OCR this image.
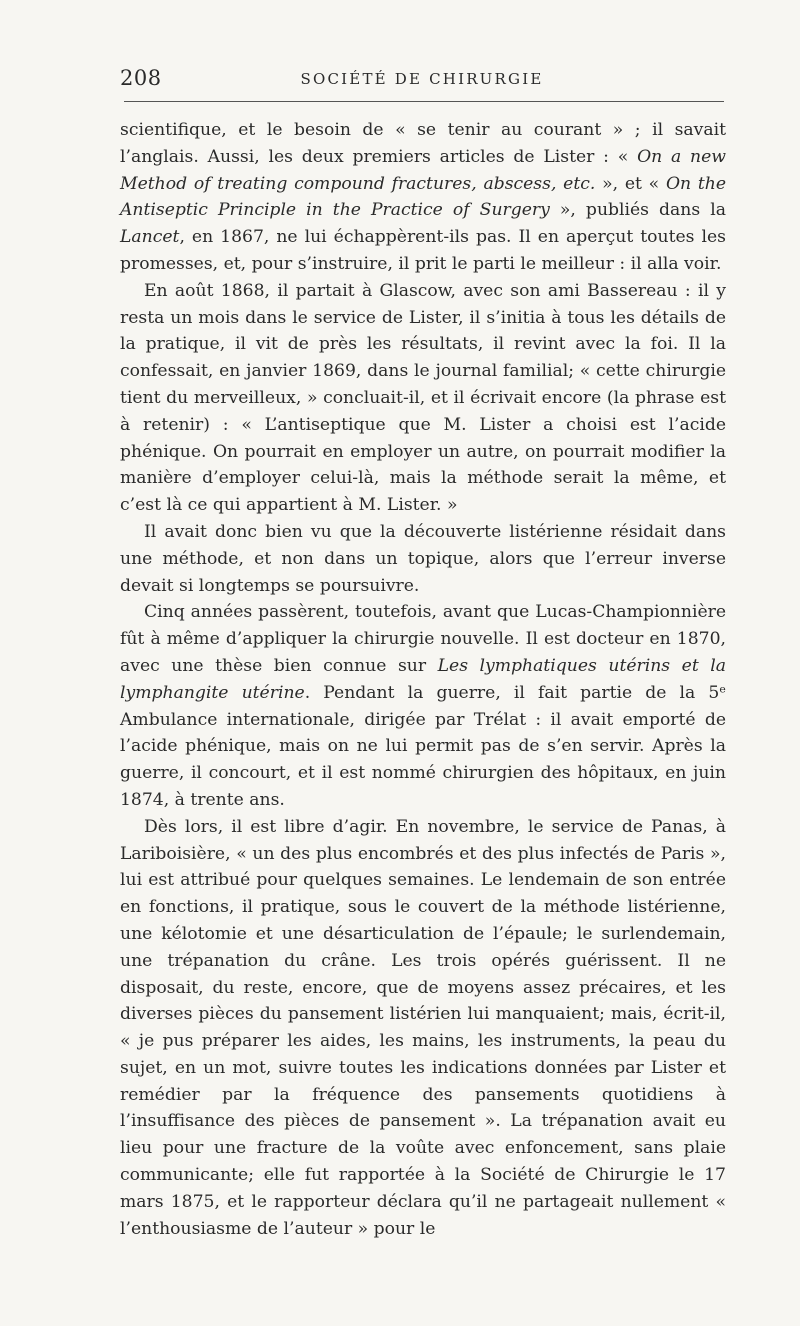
208	SOCIÉTÉ DE CHIRURGIE

scientifique, et le besoin de « se tenir au courant » ; il savait l’anglais. Aussi, les deux premiers articles de Lister : « On a new Method of treating compound fractures, abscess, etc. », et « On the Antiseptic Principle in the Practice of Surgery », publiés dans la Lancet, en 1867, ne lui échappèrent-ils pas. Il en aperçut toutes les promesses, et, pour s’instruire, il prit le parti le meilleur : il alla voir.

En août 1868, il partait à Glascow, avec son ami Bassereau : il y resta un mois dans le service de Lister, il s’initia à tous les détails de la pratique, il vit de près les résultats, il revint avec la foi. Il la confessait, en janvier 1869, dans le journal familial; « cette chirurgie tient du merveilleux, » concluait-il, et il écrivait encore (la phrase est à retenir) : « L’antiseptique que M. Lister a choisi est l’acide phénique. On pourrait en employer un autre, on pourrait modifier la manière d’employer celui-là, mais la méthode serait la même, et c’est là ce qui appartient à M. Lister. »

Il avait donc bien vu que la découverte listérienne résidait dans une méthode, et non dans un topique, alors que l’erreur inverse devait si longtemps se poursuivre.

Cinq années passèrent, toutefois, avant que Lucas-Championnière fût à même d’appliquer la chirurgie nouvelle. Il est docteur en 1870, avec une thèse bien connue sur Les lymphatiques utérins et la lymphangite utérine. Pendant la guerre, il fait partie de la 5ᵉ Ambulance internationale, dirigée par Trélat : il avait emporté de l’acide phénique, mais on ne lui permit pas de s’en servir. Après la guerre, il concourt, et il est nommé chirurgien des hôpitaux, en juin 1874, à trente ans.

Dès lors, il est libre d’agir. En novembre, le service de Panas, à Lariboisière, « un des plus encombrés et des plus infectés de Paris », lui est attribué pour quelques semaines. Le lendemain de son entrée en fonctions, il pratique, sous le couvert de la méthode listérienne, une kélotomie et une désarticulation de l’épaule; le surlendemain, une trépanation du crâne. Les trois opérés guérissent. Il ne disposait, du reste, encore, que de moyens assez précaires, et les diverses pièces du pansement listérien lui manquaient; mais, écrit-il, « je pus préparer les aides, les mains, les instruments, la peau du sujet, en un mot, suivre toutes les indications données par Lister et remédier par la fréquence des pansements quotidiens à l’insuffisance des pièces de pansement ». La trépanation avait eu lieu pour une fracture de la voûte avec enfoncement, sans plaie communicante; elle fut rapportée à la Société de Chirurgie le 17 mars 1875, et le rapporteur déclara qu’il ne partageait nullement « l’enthousiasme de l’auteur » pour le
